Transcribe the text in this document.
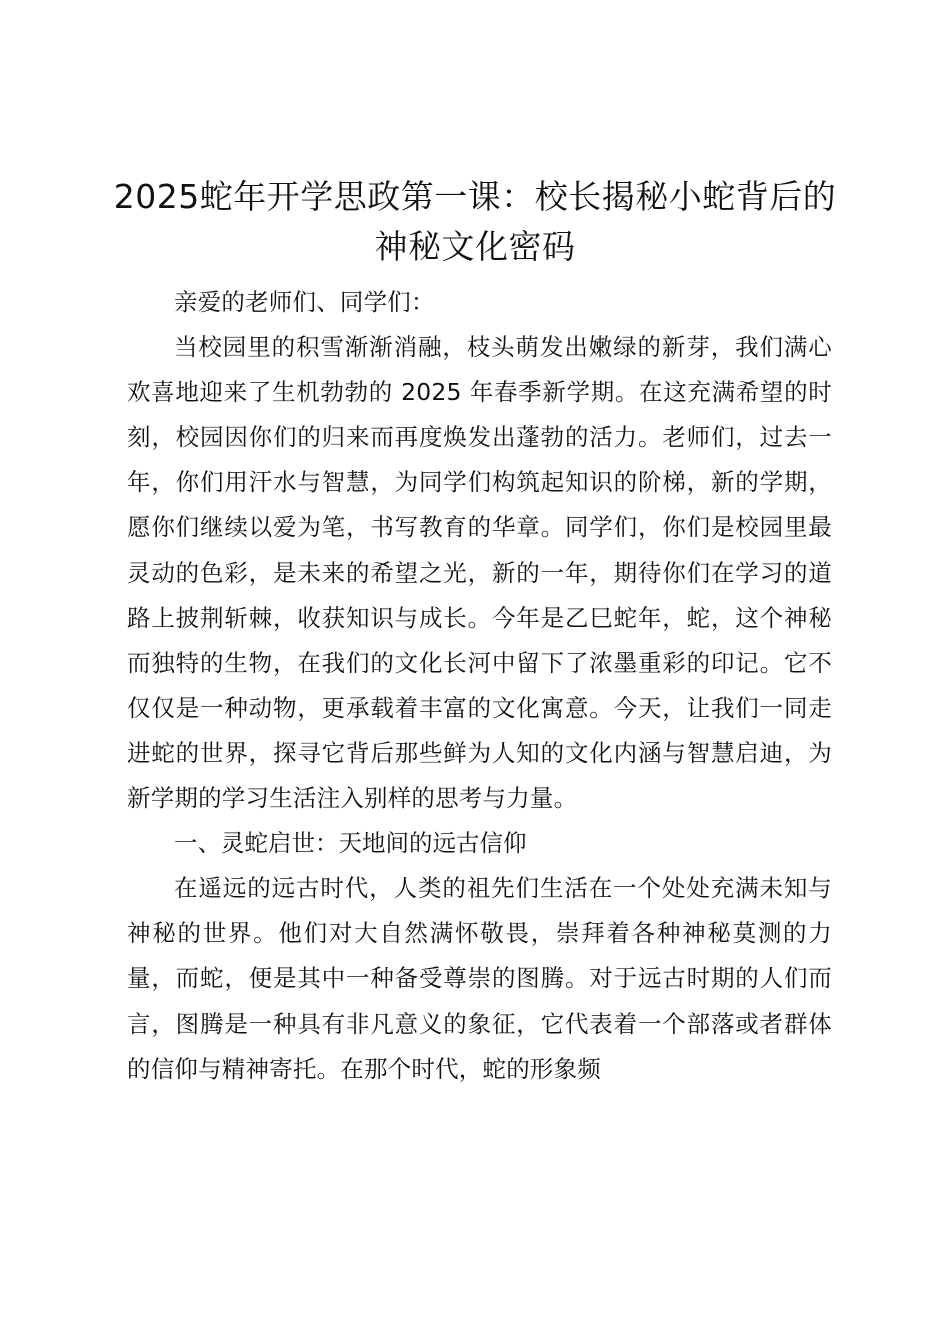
2025蛇年开学思政第一课：校长揭秘小蛇背后的神秘文化密码

亲爱的老师们、同学们：

当校园里的积雪渐渐消融，枝头萌发出嫩绿的新芽，我们满心欢喜地迎来了生机勃勃的 2025 年春季新学期。在这充满希望的时刻，校园因你们的归来而再度焕发出蓬勃的活力。老师们，过去一年，你们用汗水与智慧，为同学们构筑起知识的阶梯，新的学期，愿你们继续以爱为笔，书写教育的华章。同学们，你们是校园里最灵动的色彩，是未来的希望之光，新的一年，期待你们在学习的道路上披荆斩棘，收获知识与成长。今年是乙巳蛇年，蛇，这个神秘而独特的生物，在我们的文化长河中留下了浓墨重彩的印记。它不仅仅是一种动物，更承载着丰富的文化寓意。今天，让我们一同走进蛇的世界，探寻它背后那些鲜为人知的文化内涵与智慧启迪，为新学期的学习生活注入别样的思考与力量。

一、灵蛇启世：天地间的远古信仰

在遥远的远古时代，人类的祖先们生活在一个处处充满未知与神秘的世界。他们对大自然满怀敬畏，崇拜着各种神秘莫测的力量，而蛇，便是其中一种备受尊崇的图腾。对于远古时期的人们而言，图腾是一种具有非凡意义的象征，它代表着一个部落或者群体的信仰与精神寄托。在那个时代，蛇的形象频
